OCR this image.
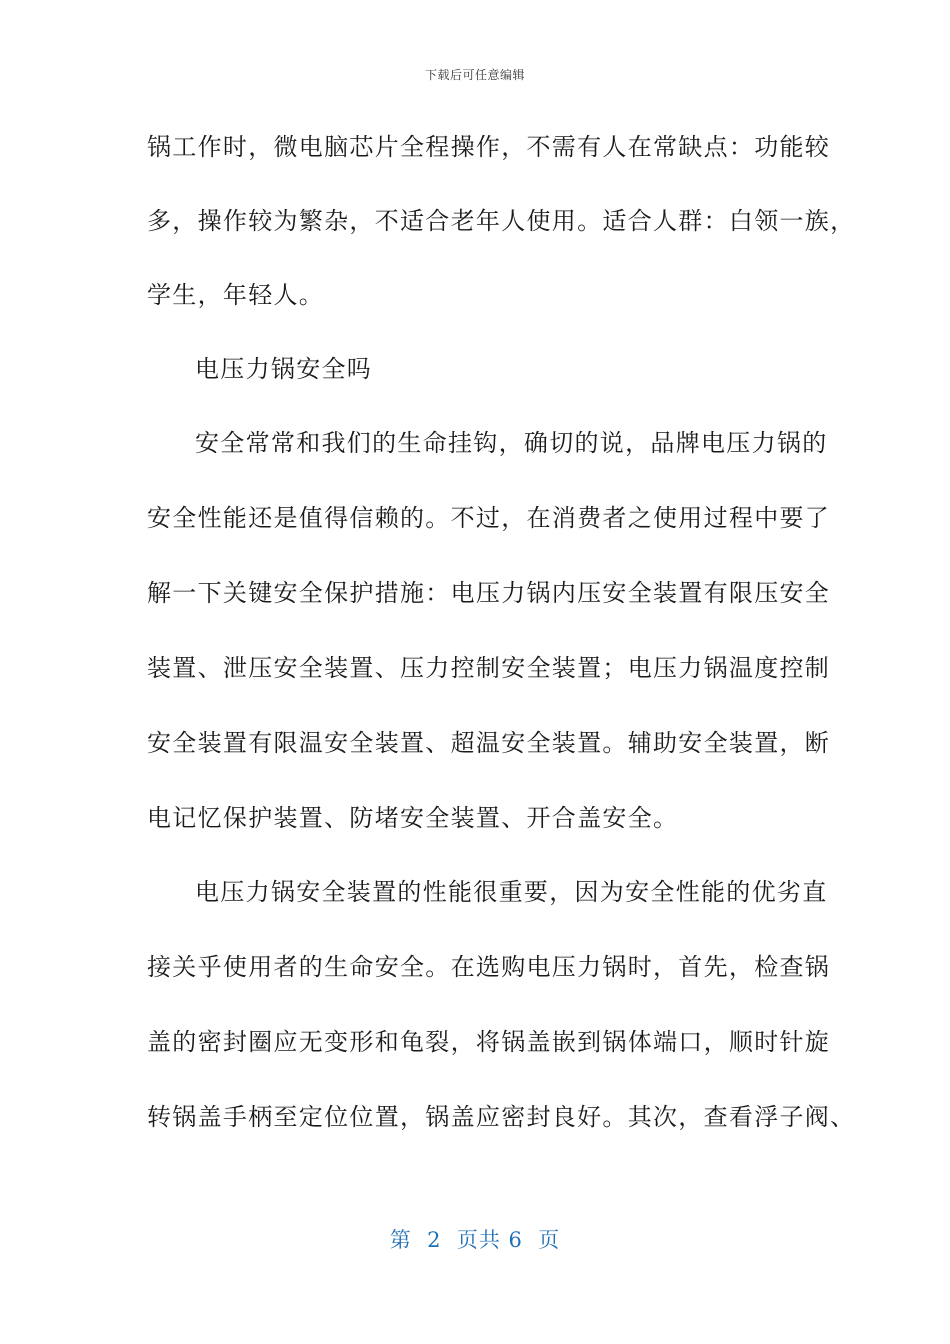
下载后可任意编辑
锅工作时，微电脑芯片全程操作，不需有人在常缺点：功能较
多，操作较为繁杂，不适合老年人使用。适合人群：白领一族，
学生，年轻人。
电压力锅安全吗
安全常常和我们的生命挂钩，确切的说，品牌电压力锅的
安全性能还是值得信赖的。不过，在消费者之使用过程中要了
解一下关键安全保护措施：电压力锅内压安全装置有限压安全
装置、泄压安全装置、压力控制安全装置；电压力锅温度控制
安全装置有限温安全装置、超温安全装置。辅助安全装置，断
电记忆保护装置、防堵安全装置、开合盖安全。
电压力锅安全装置的性能很重要，因为安全性能的优劣直
接关乎使用者的生命安全。在选购电压力锅时，首先，检查锅
盖的密封圈应无变形和龟裂，将锅盖嵌到锅体端口，顺时针旋
转锅盖手柄至定位位置，锅盖应密封良好。其次，查看浮子阀、
第  2  页共 6  页
